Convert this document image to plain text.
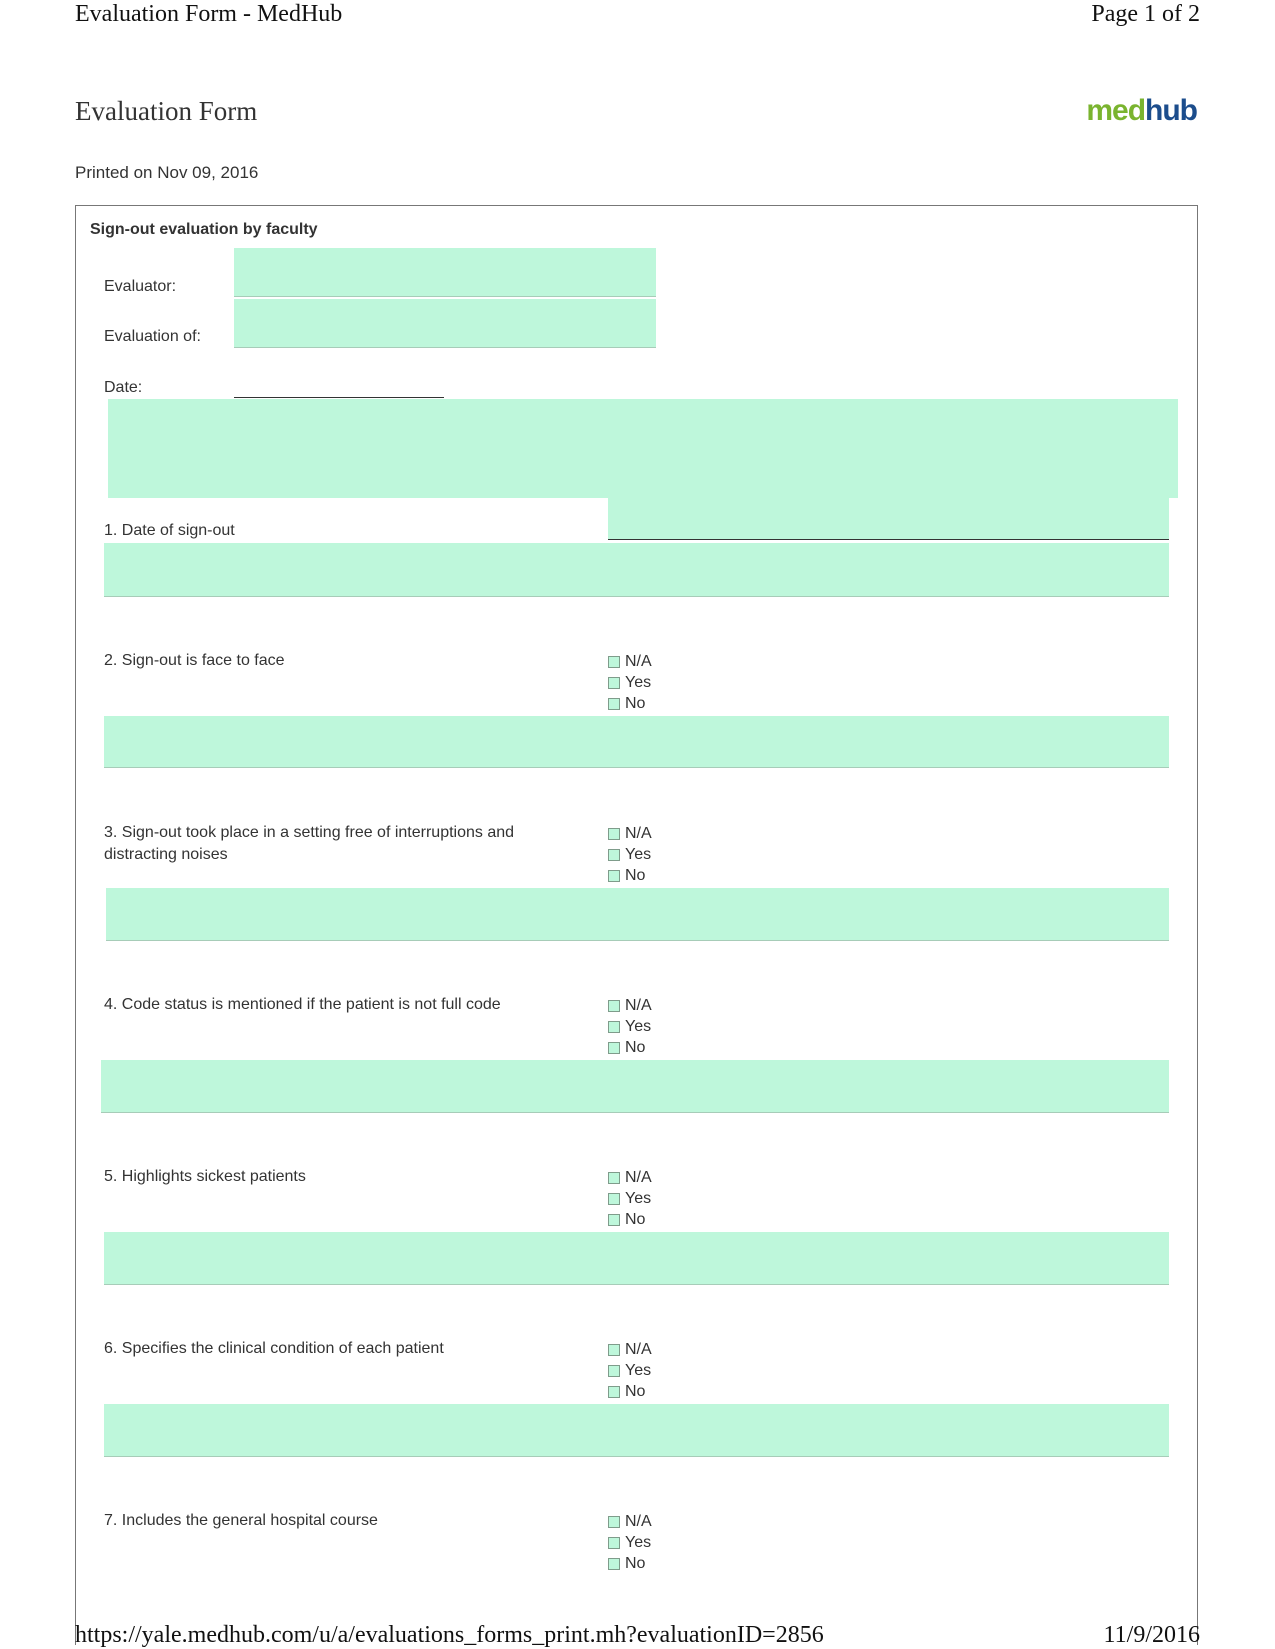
Evaluation Form - MedHub	Page 1 of 2
Evaluation Form	medhub
Printed on Nov 09, 2016
Sign-out evaluation by faculty
Evaluator:
Evaluation of:
Date:
1. Date of sign-out
2. Sign-out is face to face	N/A
Yes
No
3. Sign-out took place in a setting free of interruptions and distracting noises
N/A
Yes
No
4. Code status is mentioned if the patient is not full code	N/A
Yes
No
5. Highlights sickest patients	N/A
Yes
No
6. Specifies the clinical condition of each patient	N/A
Yes
No
7. Includes the general hospital course	N/A
Yes
No
https://yale.medhub.com/u/a/evaluations_forms_print.mh?evaluationID=2856	11/9/2016
